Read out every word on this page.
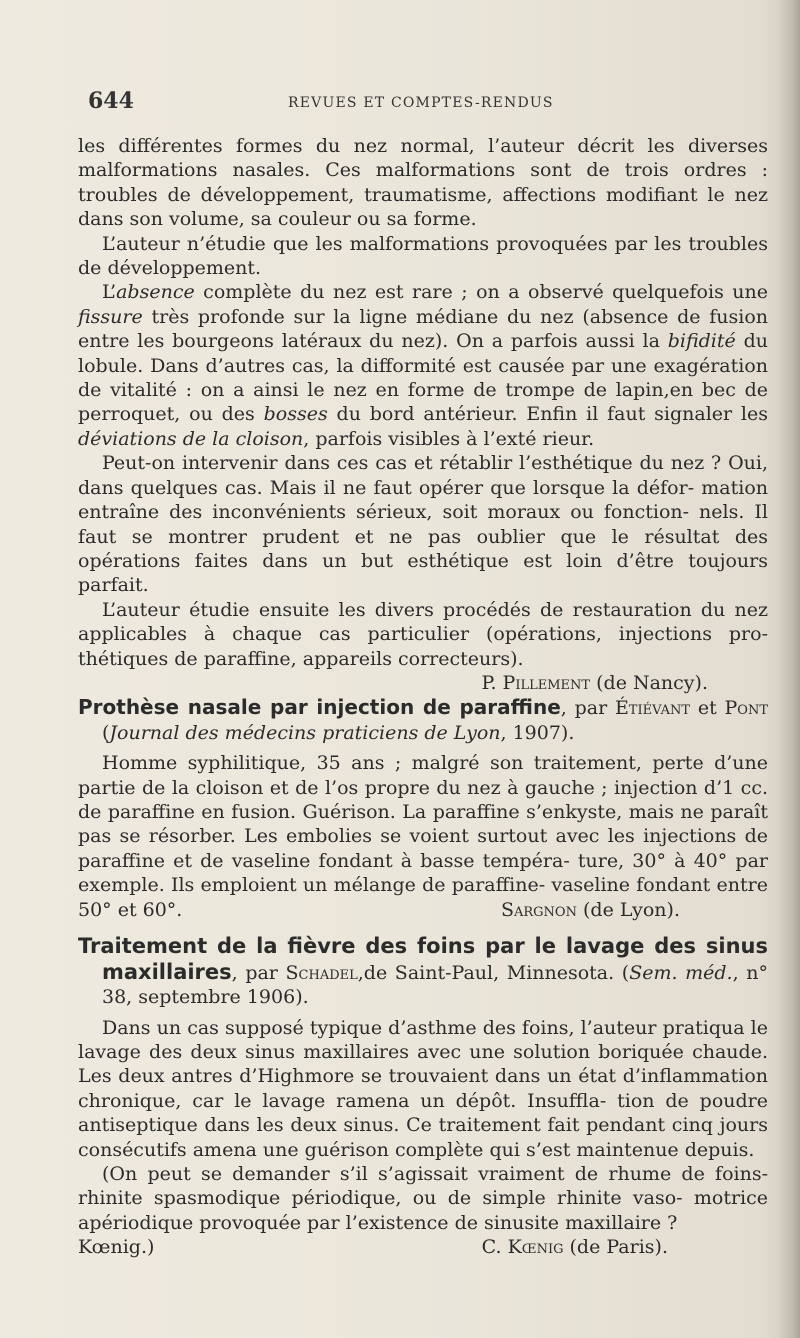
644	REVUES ET COMPTES-RENDUS

les différentes formes du nez normal, l’auteur décrit les diverses malformations nasales. Ces malformations sont de trois ordres : troubles de développement, traumatisme, affections modifiant le nez dans son volume, sa couleur ou sa forme.

L’auteur n’étudie que les malformations provoquées par les troubles de développement.

L’absence complète du nez est rare ; on a observé quelquefois une fissure très profonde sur la ligne médiane du nez (absence de fusion entre les bourgeons latéraux du nez). On a parfois aussi la bifidité du lobule. Dans d’autres cas, la difformité est causée par une exagération de vitalité : on a ainsi le nez en forme de trompe de lapin,en bec de perroquet, ou des bosses du bord antérieur. Enfin il faut signaler les déviations de la cloison, parfois visibles à l’exté rieur.

Peut-on intervenir dans ces cas et rétablir l’esthétique du nez ? Oui, dans quelques cas. Mais il ne faut opérer que lorsque la défor- mation entraîne des inconvénients sérieux, soit moraux ou fonction- nels. Il faut se montrer prudent et ne pas oublier que le résultat des opérations faites dans un but esthétique est loin d’être toujours parfait.

L’auteur étudie ensuite les divers procédés de restauration du nez applicables à chaque cas particulier (opérations, injections pro- thétiques de paraffine, appareils correcteurs).

P. Pillement (de Nancy).

Prothèse nasale par injection de paraffine, par Étiévant et Pont (Journal des médecins praticiens de Lyon, 1907).

Homme syphilitique, 35 ans ; malgré son traitement, perte d’une partie de la cloison et de l’os propre du nez à gauche ; injection d’1 cc. de paraffine en fusion. Guérison. La paraffine s’enkyste, mais ne paraît pas se résorber. Les embolies se voient surtout avec les injections de paraffine et de vaseline fondant à basse tempéra- ture, 30° à 40° par exemple. Ils emploient un mélange de paraffine- vaseline fondant entre 50° et 60°.	Sargnon (de Lyon).

Traitement de la fièvre des foins par le lavage des sinus maxillaires, par Schadel,de Saint-Paul, Minnesota. (Sem. méd., n° 38, septembre 1906).

Dans un cas supposé typique d’asthme des foins, l’auteur pratiqua le lavage des deux sinus maxillaires avec une solution boriquée chaude. Les deux antres d’Highmore se trouvaient dans un état d’inflammation chronique, car le lavage ramena un dépôt. Insuffla- tion de poudre antiseptique dans les deux sinus. Ce traitement fait pendant cinq jours consécutifs amena une guérison complète qui s’est maintenue depuis.

(On peut se demander s’il s’agissait vraiment de rhume de foins- rhinite spasmodique périodique, ou de simple rhinite vaso- motrice apériodique provoquée par l’existence de sinusite maxillaire ?

Kœnig.)	C. Kœnig (de Paris).
